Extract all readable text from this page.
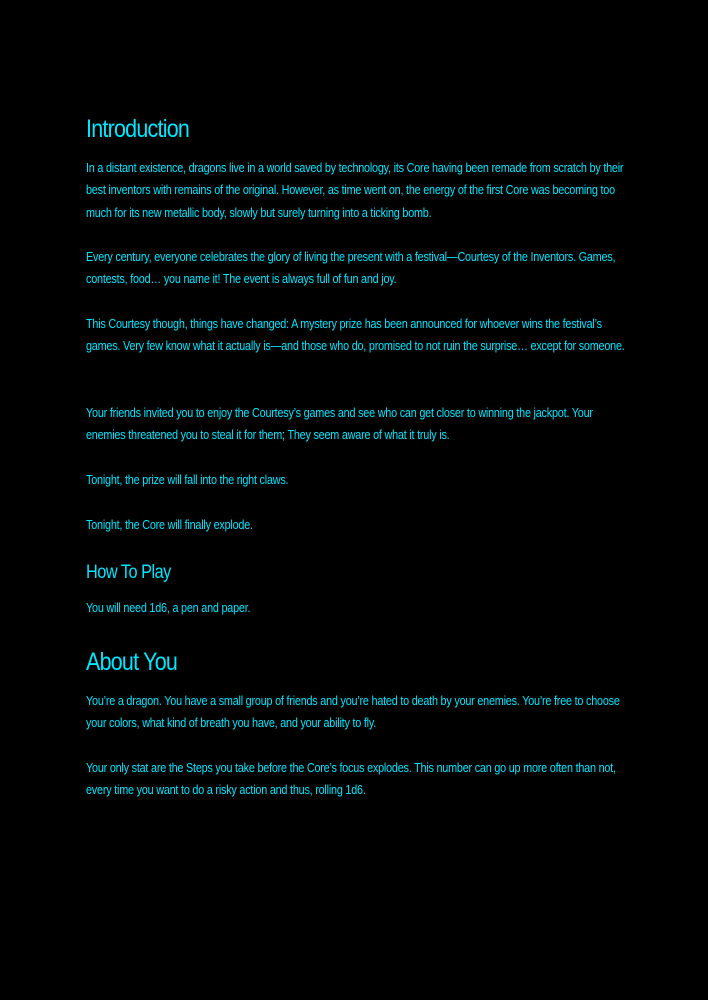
Introduction

In a distant existence, dragons live in a world saved by technology, its Core having been remade from scratch by their best inventors with remains of the original. However, as time went on, the energy of the first Core was becoming too much for its new metallic body, slowly but surely turning into a ticking bomb.

Every century, everyone celebrates the glory of living the present with a festival—Courtesy of the Inventors. Games, contests, food… you name it! The event is always full of fun and joy.

This Courtesy though, things have changed: A mystery prize has been announced for whoever wins the festival’s games. Very few know what it actually is—and those who do, promised to not ruin the surprise… except for someone.

Your friends invited you to enjoy the Courtesy’s games and see who can get closer to winning the jackpot. Your enemies threatened you to steal it for them; They seem aware of what it truly is.

Tonight, the prize will fall into the right claws.

Tonight, the Core will finally explode.

How To Play

You will need 1d6, a pen and paper.

About You

You’re a dragon. You have a small group of friends and you’re hated to death by your enemies. You’re free to choose your colors, what kind of breath you have, and your ability to fly.

Your only stat are the Steps you take before the Core’s focus explodes. This number can go up more often than not, every time you want to do a risky action and thus, rolling 1d6.
